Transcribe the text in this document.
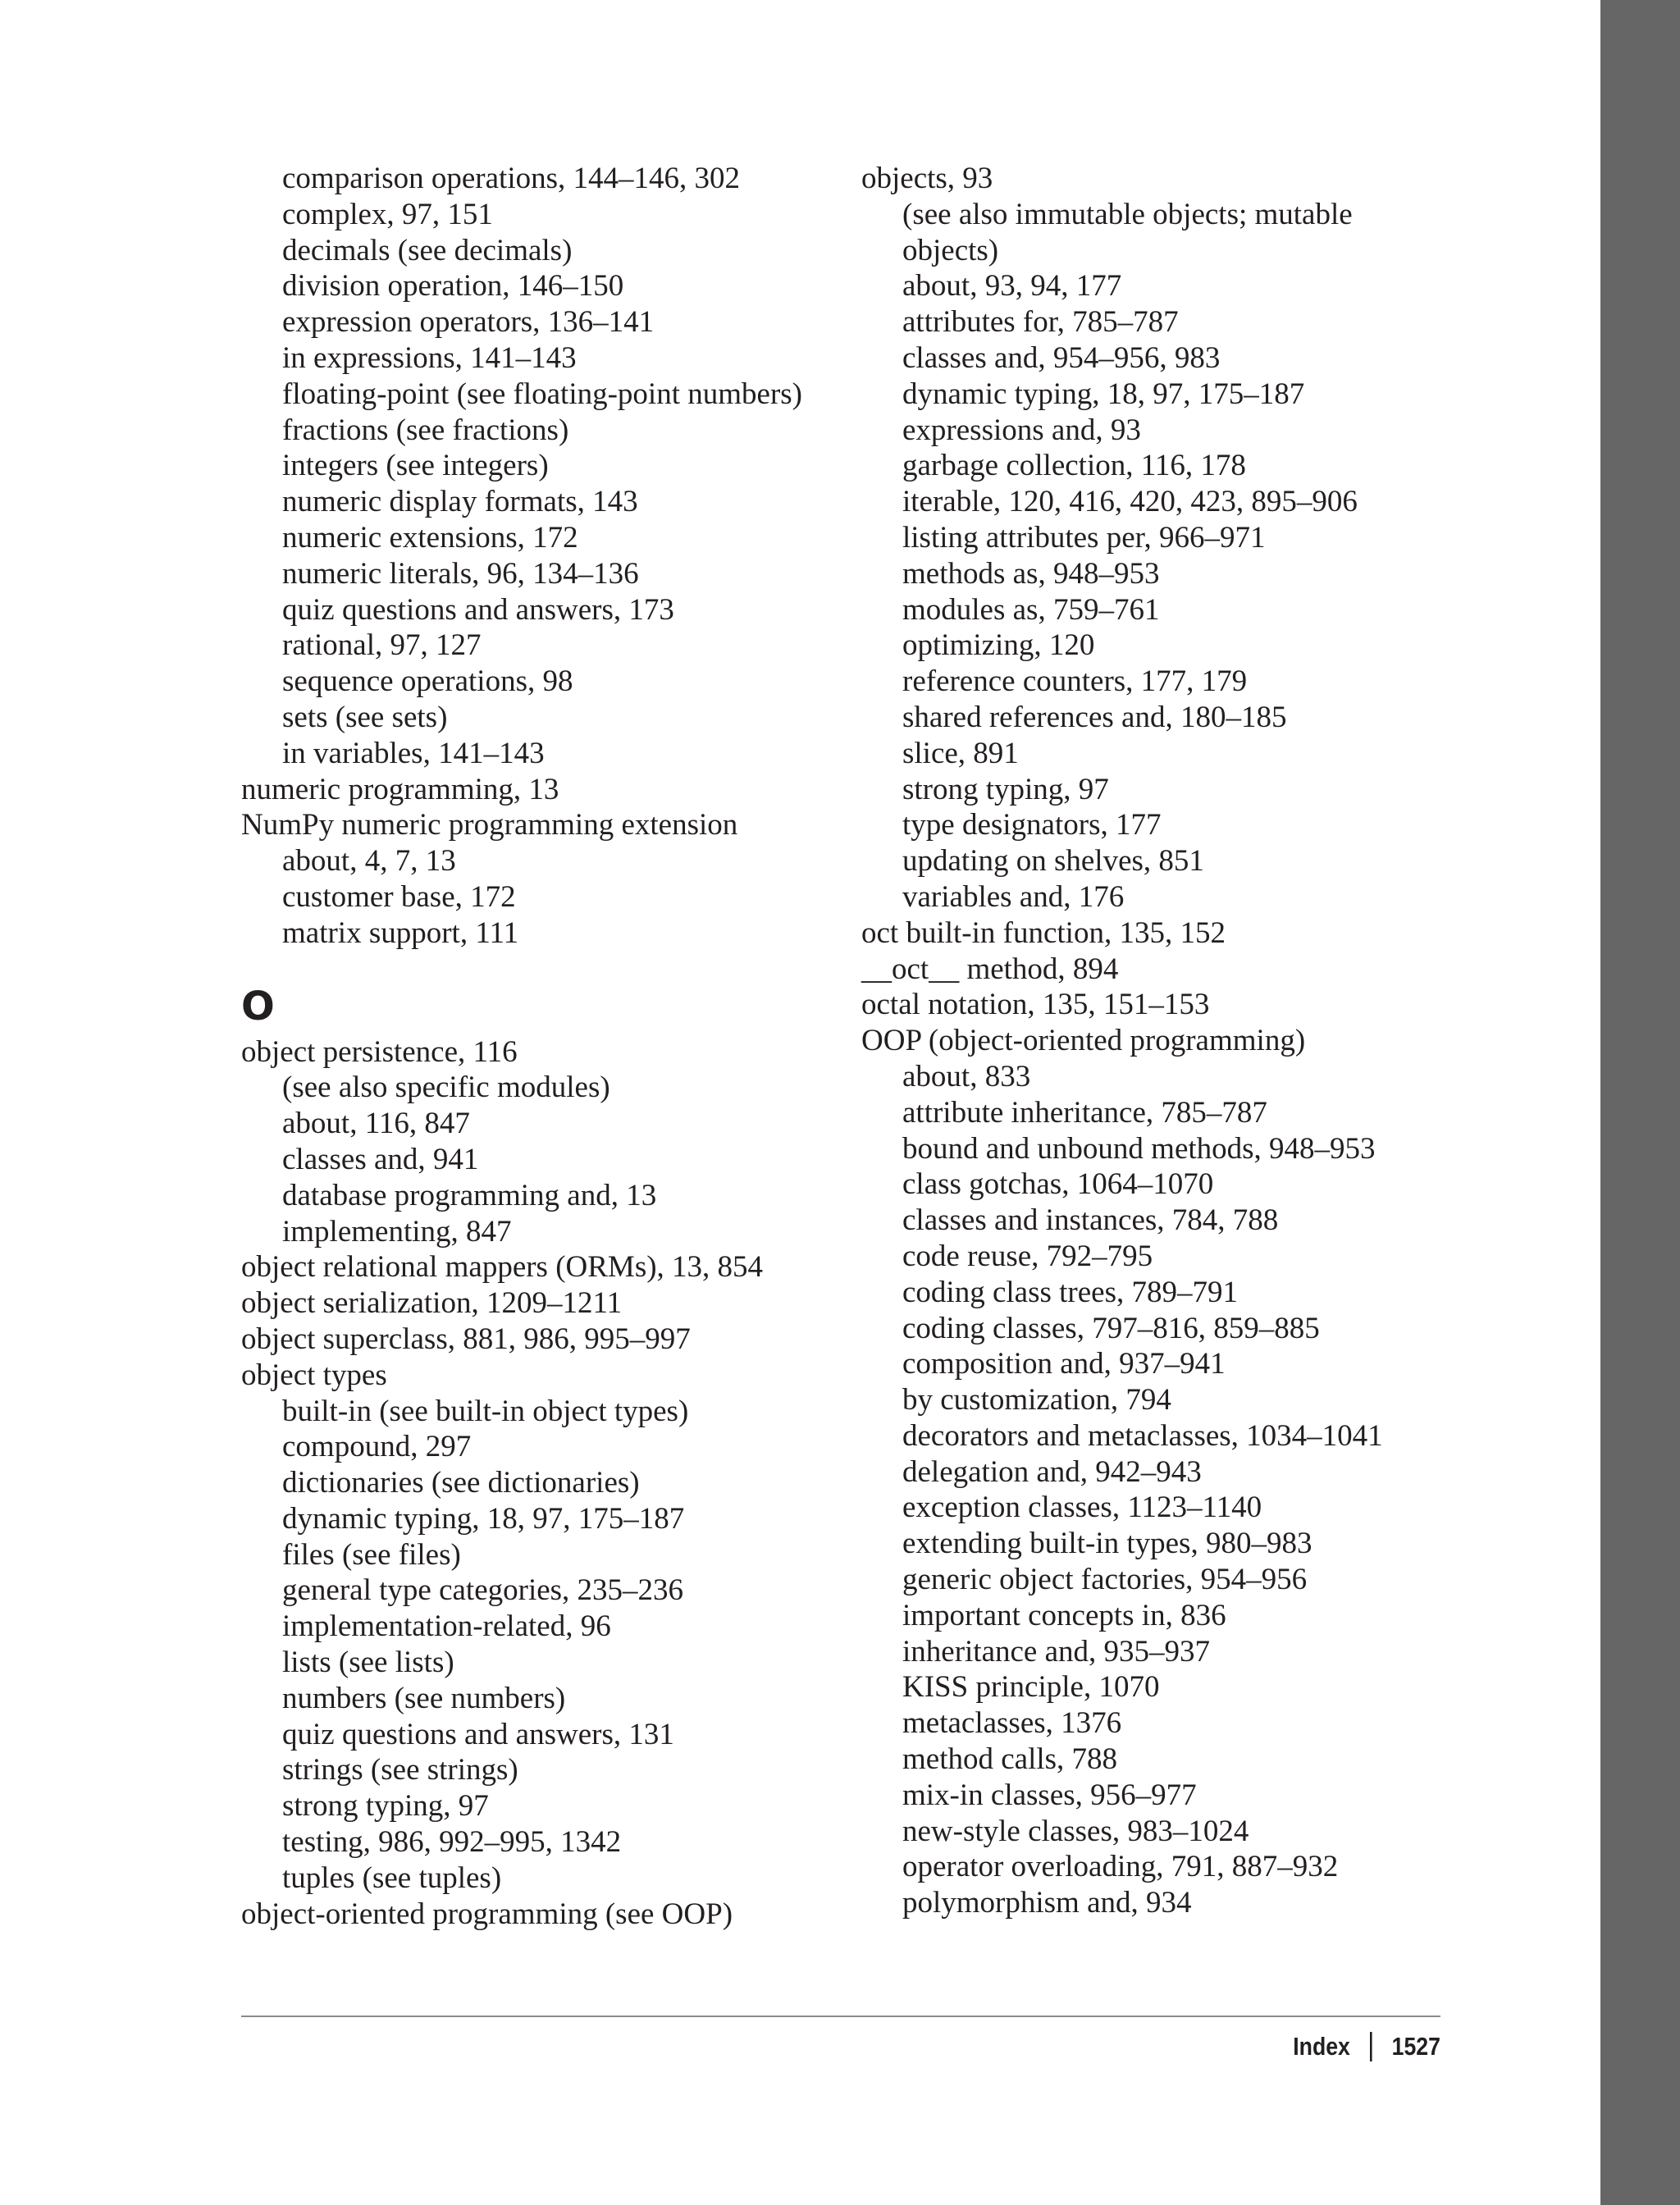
comparison operations, 144–146, 302
complex, 97, 151
decimals (see decimals)
division operation, 146–150
expression operators, 136–141
in expressions, 141–143
floating-point (see floating-point numbers)
fractions (see fractions)
integers (see integers)
numeric display formats, 143
numeric extensions, 172
numeric literals, 96, 134–136
quiz questions and answers, 173
rational, 97, 127
sequence operations, 98
sets (see sets)
in variables, 141–143
numeric programming, 13
NumPy numeric programming extension
about, 4, 7, 13
customer base, 172
matrix support, 111
O
object persistence, 116
(see also specific modules)
about, 116, 847
classes and, 941
database programming and, 13
implementing, 847
object relational mappers (ORMs), 13, 854
object serialization, 1209–1211
object superclass, 881, 986, 995–997
object types
built-in (see built-in object types)
compound, 297
dictionaries (see dictionaries)
dynamic typing, 18, 97, 175–187
files (see files)
general type categories, 235–236
implementation-related, 96
lists (see lists)
numbers (see numbers)
quiz questions and answers, 131
strings (see strings)
strong typing, 97
testing, 986, 992–995, 1342
tuples (see tuples)
object-oriented programming (see OOP)
objects, 93
(see also immutable objects; mutable
objects)
about, 93, 94, 177
attributes for, 785–787
classes and, 954–956, 983
dynamic typing, 18, 97, 175–187
expressions and, 93
garbage collection, 116, 178
iterable, 120, 416, 420, 423, 895–906
listing attributes per, 966–971
methods as, 948–953
modules as, 759–761
optimizing, 120
reference counters, 177, 179
shared references and, 180–185
slice, 891
strong typing, 97
type designators, 177
updating on shelves, 851
variables and, 176
oct built-in function, 135, 152
__oct__ method, 894
octal notation, 135, 151–153
OOP (object-oriented programming)
about, 833
attribute inheritance, 785–787
bound and unbound methods, 948–953
class gotchas, 1064–1070
classes and instances, 784, 788
code reuse, 792–795
coding class trees, 789–791
coding classes, 797–816, 859–885
composition and, 937–941
by customization, 794
decorators and metaclasses, 1034–1041
delegation and, 942–943
exception classes, 1123–1140
extending built-in types, 980–983
generic object factories, 954–956
important concepts in, 836
inheritance and, 935–937
KISS principle, 1070
metaclasses, 1376
method calls, 788
mix-in classes, 956–977
new-style classes, 983–1024
operator overloading, 791, 887–932
polymorphism and, 934
Index 1527
